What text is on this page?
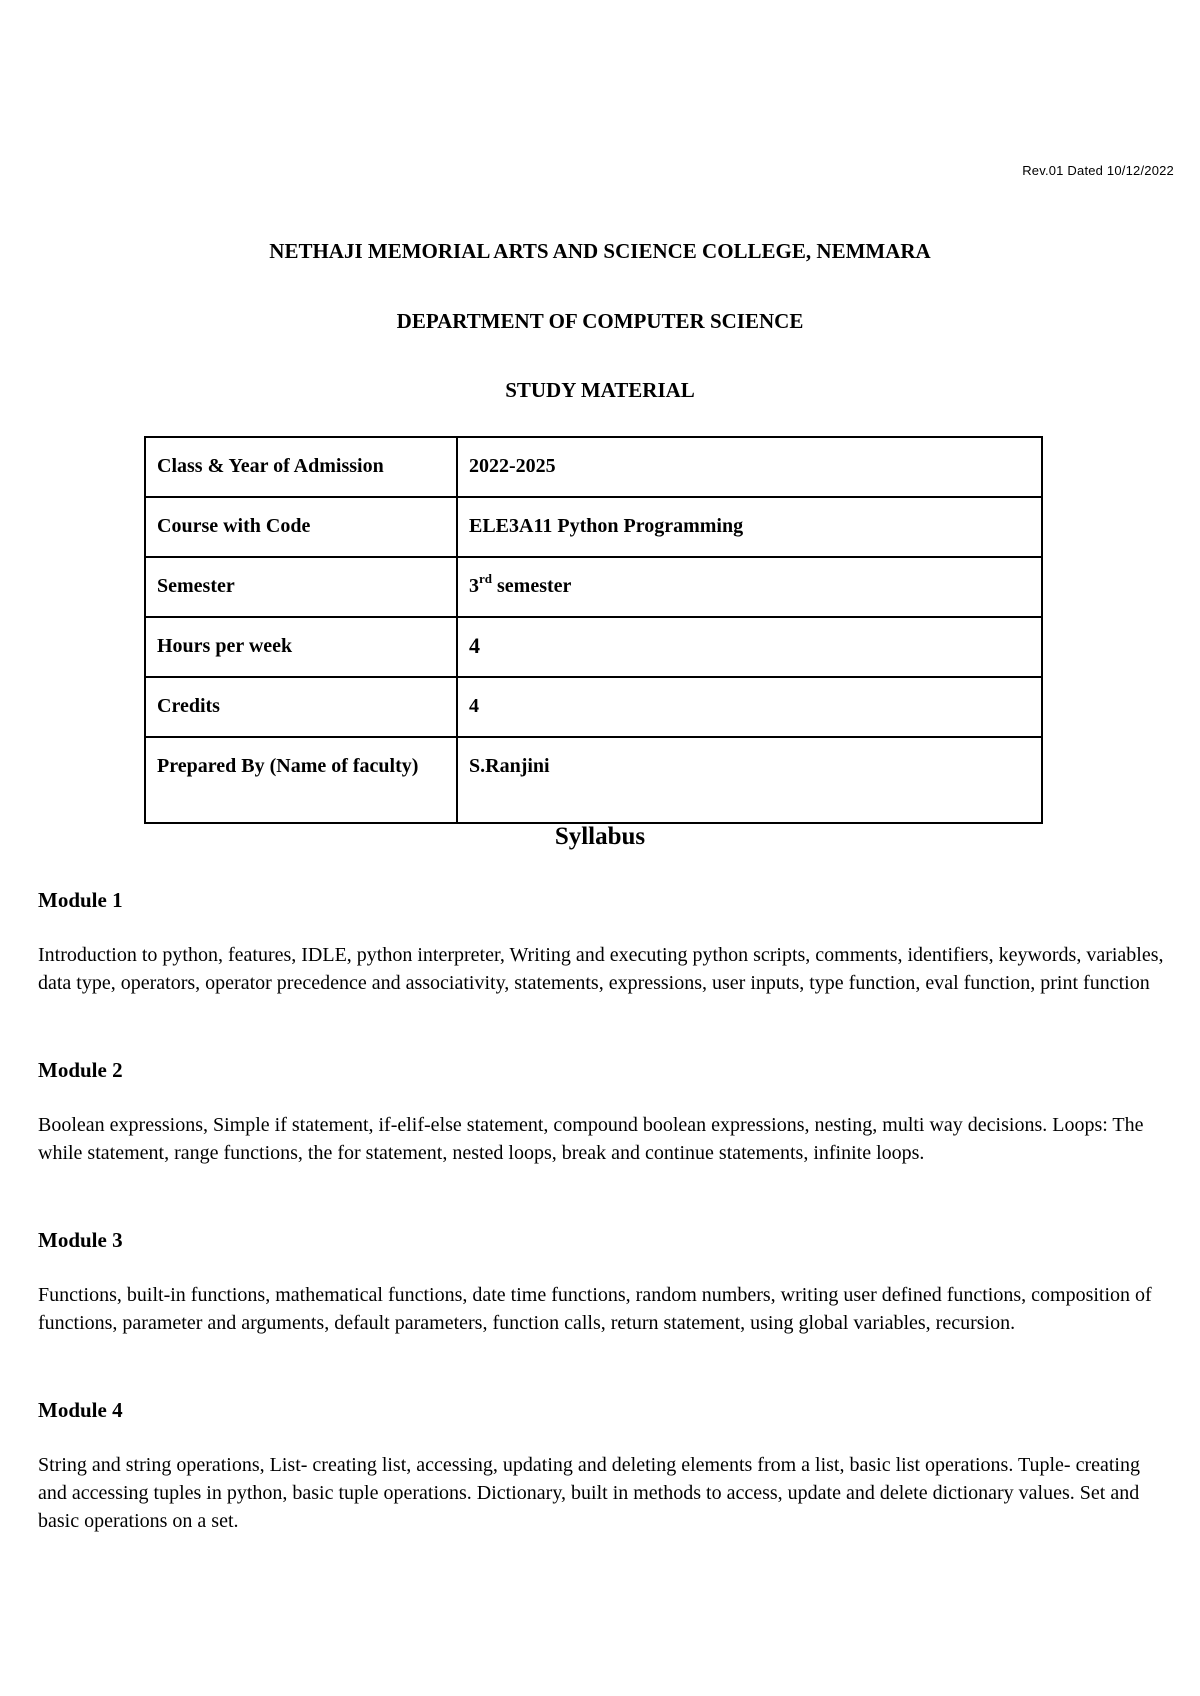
Rev.01 Dated 10/12/2022
NETHAJI MEMORIAL ARTS AND SCIENCE COLLEGE, NEMMARA
DEPARTMENT OF COMPUTER SCIENCE
STUDY MATERIAL
Class & Year of Admission	2022-2025
Course with Code	ELE3A11 Python Programming
Semester	3rd semester
Hours per week	4
Credits	4
Prepared By (Name of faculty)	S.Ranjini
Syllabus

Module 1

Introduction to python, features, IDLE, python interpreter, Writing and executing python scripts, comments, identifiers, keywords, variables, data type, operators, operator precedence and associativity, statements, expressions, user inputs, type function, eval function, print function

Module 2

Boolean expressions, Simple if statement, if-elif-else statement, compound boolean expressions, nesting, multi way decisions. Loops: The while statement, range functions, the for statement, nested loops, break and continue statements, infinite loops.

Module 3

Functions, built-in functions, mathematical functions, date time functions, random numbers, writing user defined functions, composition of functions, parameter and arguments, default parameters, function calls, return statement, using global variables, recursion.

Module 4

String and string operations, List- creating list, accessing, updating and deleting elements from a list, basic list operations. Tuple- creating and accessing tuples in python, basic tuple operations. Dictionary, built in methods to access, update and delete dictionary values. Set and basic operations on a set.
